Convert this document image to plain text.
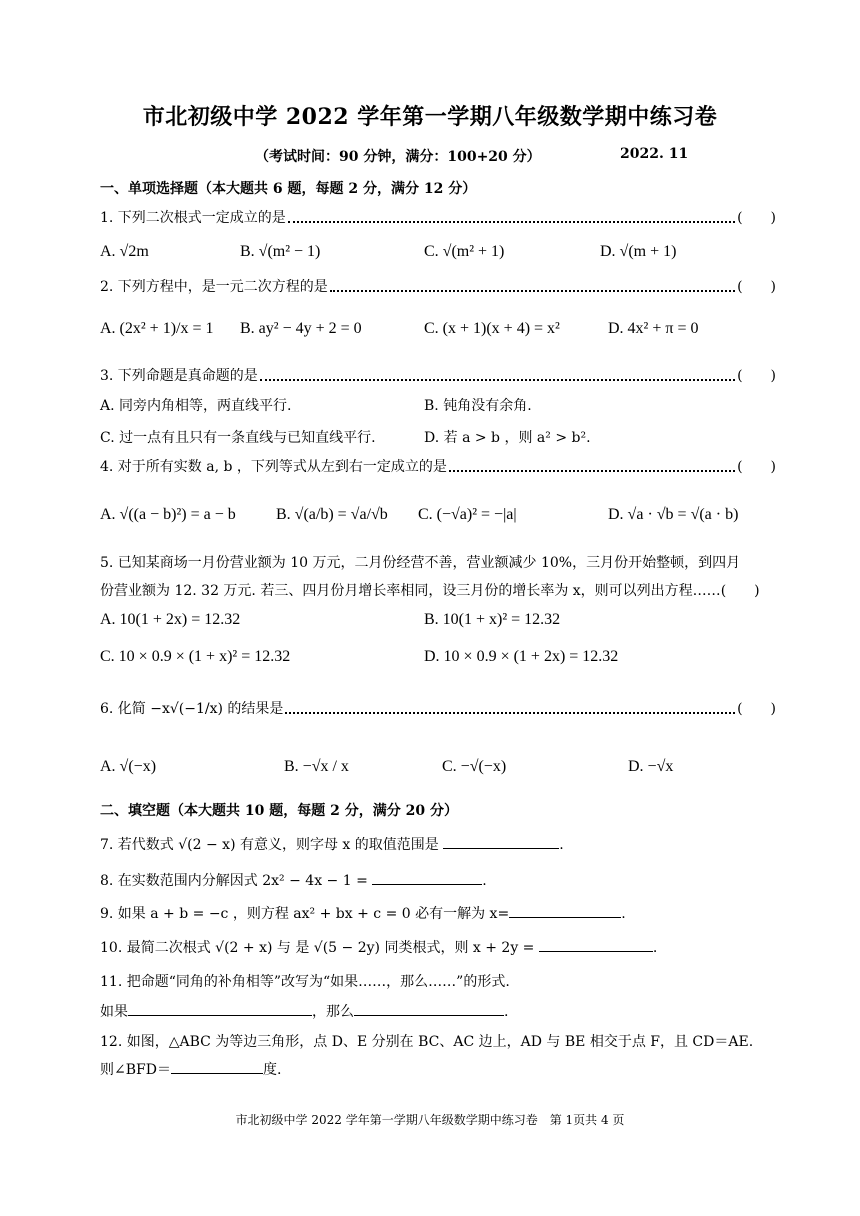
市北初级中学 2022 学年第一学期八年级数学期中练习卷
（考试时间：90 分钟，满分：100+20 分）	2022. 11
一、单项选择题（本大题共 6 题，每题 2 分，满分 12 分）
1. 下列二次根式一定成立的是	(　　)
A. √2m	B. √(m² − 1)	C. √(m² + 1)	D. √(m + 1)
2. 下列方程中，是一元二次方程的是	(　　)
A. (2x² + 1)/x = 1 B. ay² − 4y + 2 = 0	C. (x + 1)(x + 4) = x²	D. 4x² + π = 0
3. 下列命题是真命题的是	(　　)
A. 同旁内角相等，两直线平行.	B. 钝角没有余角.
C. 过一点有且只有一条直线与已知直线平行.	D. 若 a > b ，则 a² > b².
4. 对于所有实数 a, b ，下列等式从左到右一定成立的是	(　　)
A. √((a − b)²) = a − b	B. √(a/b) = √a/√b C. (−√a)² = −|a|	D. √a · √b = √(a · b)
5. 已知某商场一月份营业额为 10 万元，二月份经营不善，营业额减少 10%，三月份开始整顿，到四月
份营业额为 12. 32 万元. 若三、四月份月增长率相同，设三月份的增长率为 x，则可以列出方程…… (　　)
A. 10(1 + 2x) = 12.32	B. 10(1 + x)² = 12.32
C. 10 × 0.9 × (1 + x)² = 12.32	D. 10 × 0.9 × (1 + 2x) = 12.32
6. 化简 −x√(−1/x) 的结果是	(　　)
A. √(−x)	B. −√x / x	C. −√(−x)	D. −√x
二、填空题（本大题共 10 题，每题 2 分，满分 20 分）
7. 若代数式 √(2 − x) 有意义，则字母 x 的取值范围是	.
8. 在实数范围内分解因式 2x² − 4x − 1 =	.
9. 如果 a + b = −c ，则方程 ax² + bx + c = 0 必有一解为 x=	.
10. 最简二次根式 √(2 + x) 与 是 √(5 − 2y) 同类根式，则 x + 2y =	.
11. 把命题“同角的补角相等”改写为“如果……，那么……”的形式.
如果	，那么	.
12. 如图，△ABC 为等边三角形，点 D、E 分别在 BC、AC 边上，AD 与 BE 相交于点 F，且 CD＝AE.
则∠BFD＝	度.
市北初级中学 2022 学年第一学期八年级数学期中练习卷　第 1页共 4 页
